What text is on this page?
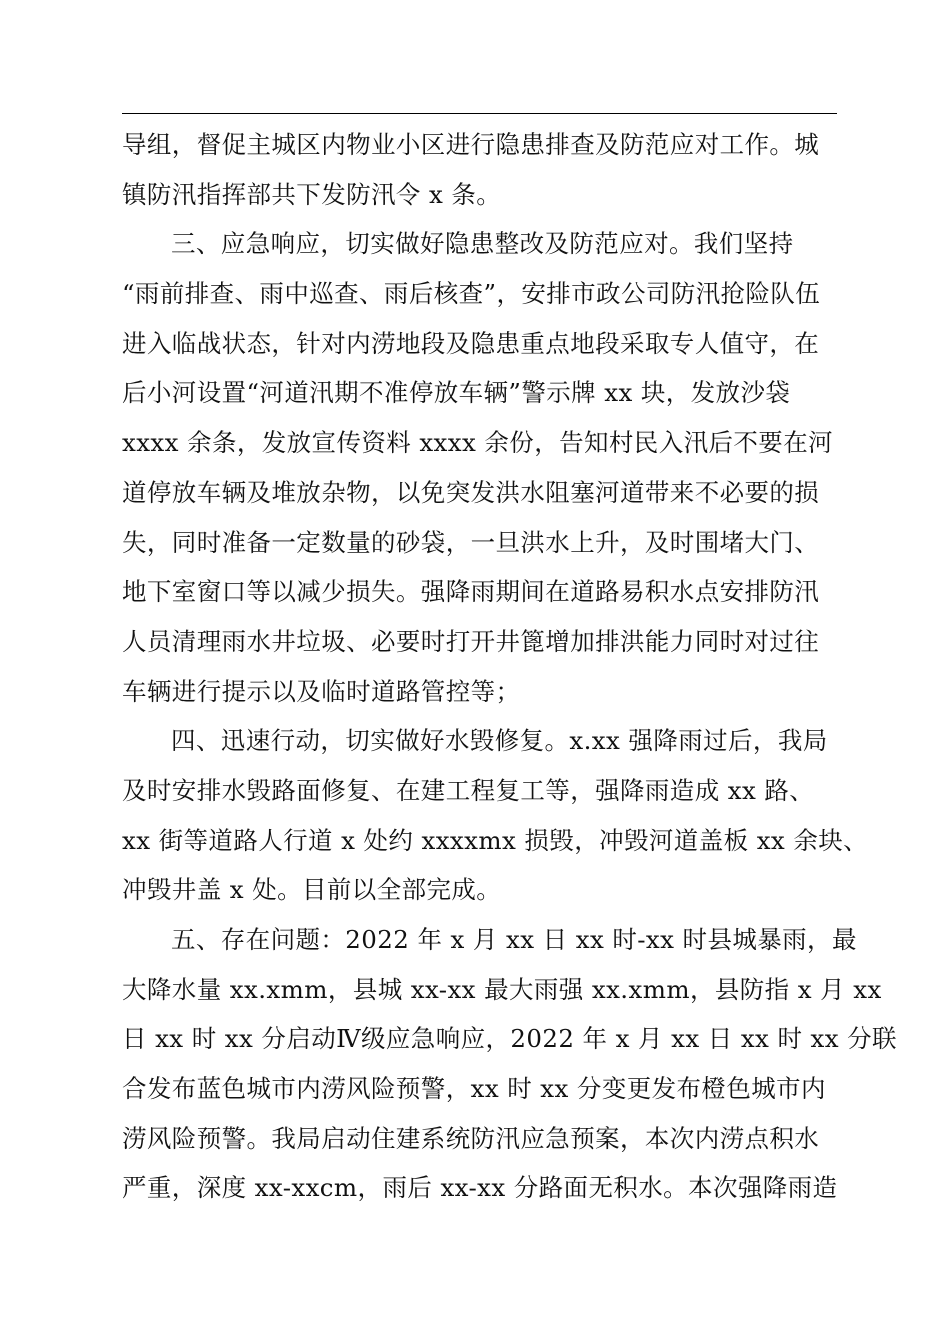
导组，督促主城区内物业小区进行隐患排查及防范应对工作。城
镇防汛指挥部共下发防汛令 x 条。
三、应急响应，切实做好隐患整改及防范应对。我们坚持
“雨前排查、雨中巡查、雨后核查”，安排市政公司防汛抢险队伍
进入临战状态，针对内涝地段及隐患重点地段采取专人值守，在
后小河设置“河道汛期不准停放车辆”警示牌 xx 块，发放沙袋
xxxx 余条，发放宣传资料 xxxx 余份，告知村民入汛后不要在河
道停放车辆及堆放杂物，以免突发洪水阻塞河道带来不必要的损
失，同时准备一定数量的砂袋，一旦洪水上升，及时围堵大门、
地下室窗口等以减少损失。强降雨期间在道路易积水点安排防汛
人员清理雨水井垃圾、必要时打开井篦增加排洪能力同时对过往
车辆进行提示以及临时道路管控等；
四、迅速行动，切实做好水毁修复。x.xx 强降雨过后，我局
及时安排水毁路面修复、在建工程复工等，强降雨造成 xx 路、
xx 街等道路人行道 x 处约 xxxxmx 损毁，冲毁河道盖板 xx 余块、
冲毁井盖 x 处。目前以全部完成。
五、存在问题：2022 年 x 月 xx 日 xx 时-xx 时县城暴雨，最
大降水量 xx.xmm，县城 xx-xx 最大雨强 xx.xmm，县防指 x 月 xx
日 xx 时 xx 分启动Ⅳ级应急响应，2022 年 x 月 xx 日 xx 时 xx 分联
合发布蓝色城市内涝风险预警，xx 时 xx 分变更发布橙色城市内
涝风险预警。我局启动住建系统防汛应急预案，本次内涝点积水
严重，深度 xx-xxcm，雨后 xx-xx 分路面无积水。本次强降雨造
